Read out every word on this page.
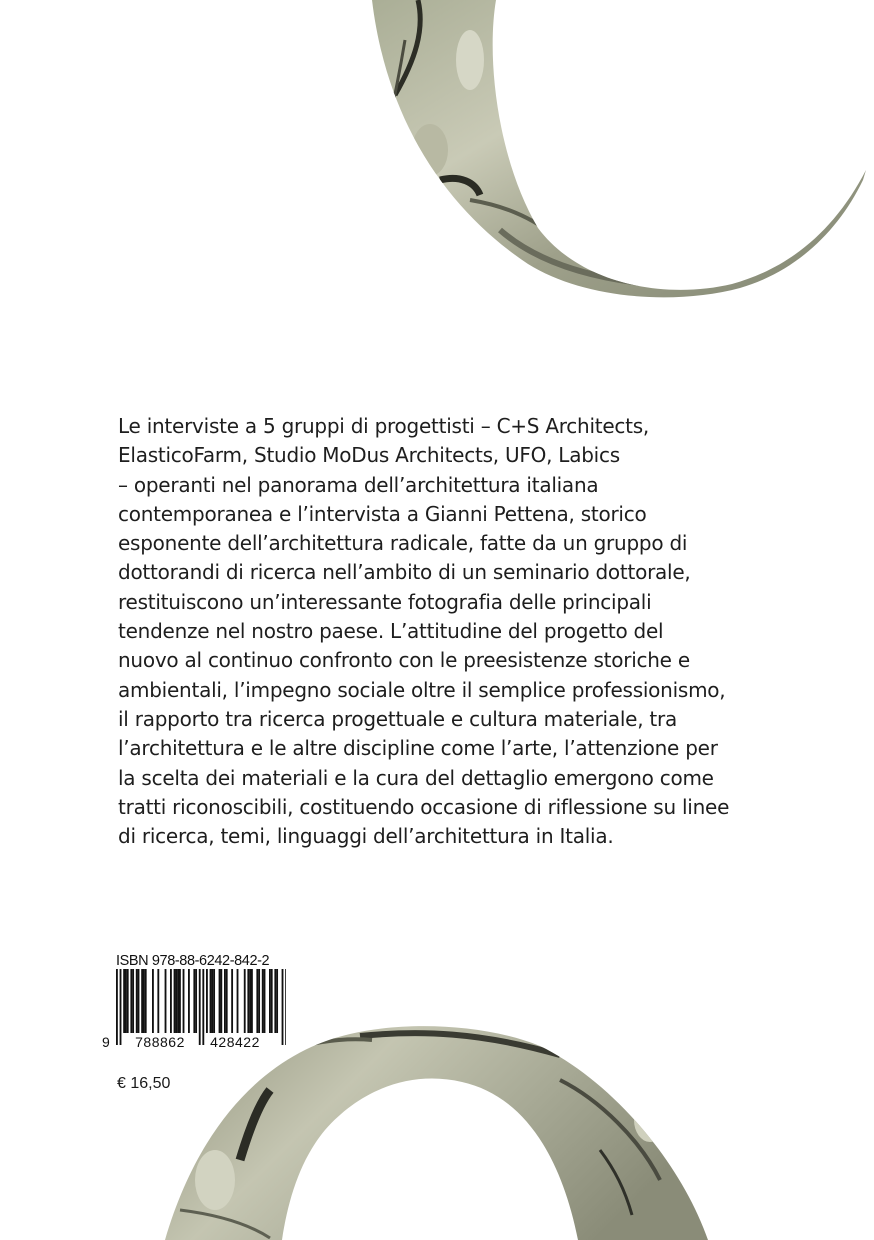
Le interviste a 5 gruppi di progettisti – C+S Architects,
ElasticoFarm, Studio MoDus Architects, UFO, Labics
– operanti nel panorama dell’architettura italiana
contemporanea e l’intervista a Gianni Pettena, storico
esponente dell’architettura radicale, fatte da un gruppo di
dottorandi di ricerca nell’ambito di un seminario dottorale,
restituiscono un’interessante fotografia delle principali
tendenze nel nostro paese. L’attitudine del progetto del
nuovo al continuo confronto con le preesistenze storiche e
ambientali, l’impegno sociale oltre il semplice professionismo,
il rapporto tra ricerca progettuale e cultura materiale, tra
l’architettura e le altre discipline come l’arte, l’attenzione per
la scelta dei materiali e la cura del dettaglio emergono come
tratti riconoscibili, costituendo occasione di riflessione su linee
di ricerca, temi, linguaggi dell’architettura in Italia.

ISBN 978-88-6242-842-2
9 788862 428422
€ 16,50
